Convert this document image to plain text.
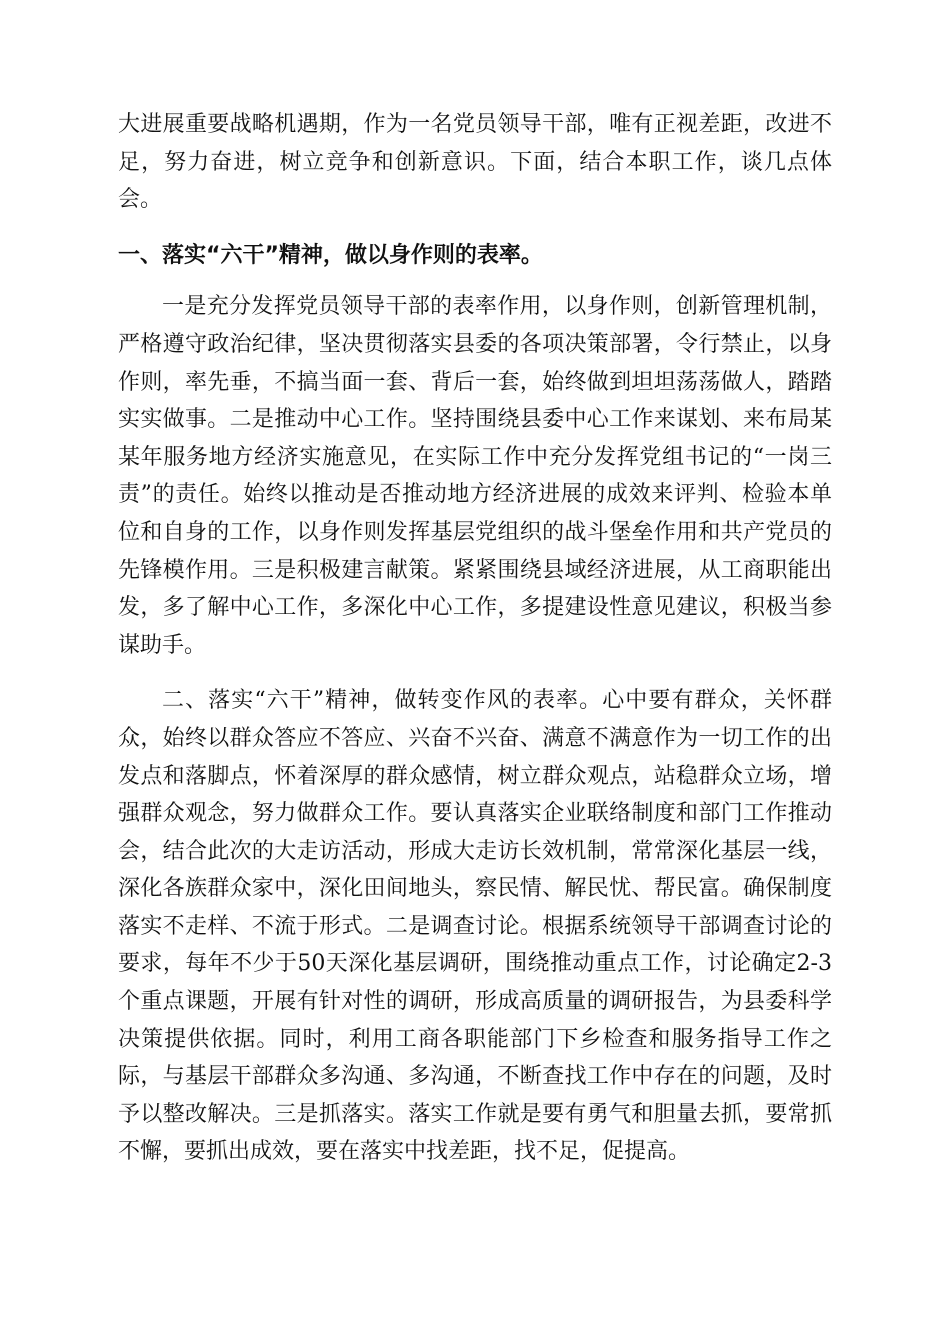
大进展重要战略机遇期，作为一名党员领导干部，唯有正视差距，改进不足，努力奋进，树立竞争和创新意识。下面，结合本职工作，谈几点体会。

一、落实“六干”精神，做以身作则的表率。

一是充分发挥党员领导干部的表率作用，以身作则，创新管理机制，严格遵守政治纪律，坚决贯彻落实县委的各项决策部署，令行禁止，以身作则，率先垂，不搞当面一套、背后一套，始终做到坦坦荡荡做人，踏踏实实做事。二是推动中心工作。坚持围绕县委中心工作来谋划、来布局某某年服务地方经济实施意见，在实际工作中充分发挥党组书记的“一岗三责”的责任。始终以推动是否推动地方经济进展的成效来评判、检验本单位和自身的工作，以身作则发挥基层党组织的战斗堡垒作用和共产党员的先锋模作用。三是积极建言献策。紧紧围绕县域经济进展，从工商职能出发，多了解中心工作，多深化中心工作，多提建设性意见建议，积极当参谋助手。

二、落实“六干”精神，做转变作风的表率。心中要有群众，关怀群众，始终以群众答应不答应、兴奋不兴奋、满意不满意作为一切工作的出发点和落脚点，怀着深厚的群众感情，树立群众观点，站稳群众立场，增强群众观念，努力做群众工作。要认真落实企业联络制度和部门工作推动会，结合此次的大走访活动，形成大走访长效机制，常常深化基层一线，深化各族群众家中，深化田间地头，察民情、解民忧、帮民富。确保制度落实不走样、不流于形式。二是调查讨论。根据系统领导干部调查讨论的要求，每年不少于50天深化基层调研，围绕推动重点工作，讨论确定2-3个重点课题，开展有针对性的调研，形成高质量的调研报告，为县委科学决策提供依据。同时，利用工商各职能部门下乡检查和服务指导工作之际，与基层干部群众多沟通、多沟通，不断查找工作中存在的问题，及时予以整改解决。三是抓落实。落实工作就是要有勇气和胆量去抓，要常抓不懈，要抓出成效，要在落实中找差距，找不足，促提高。
